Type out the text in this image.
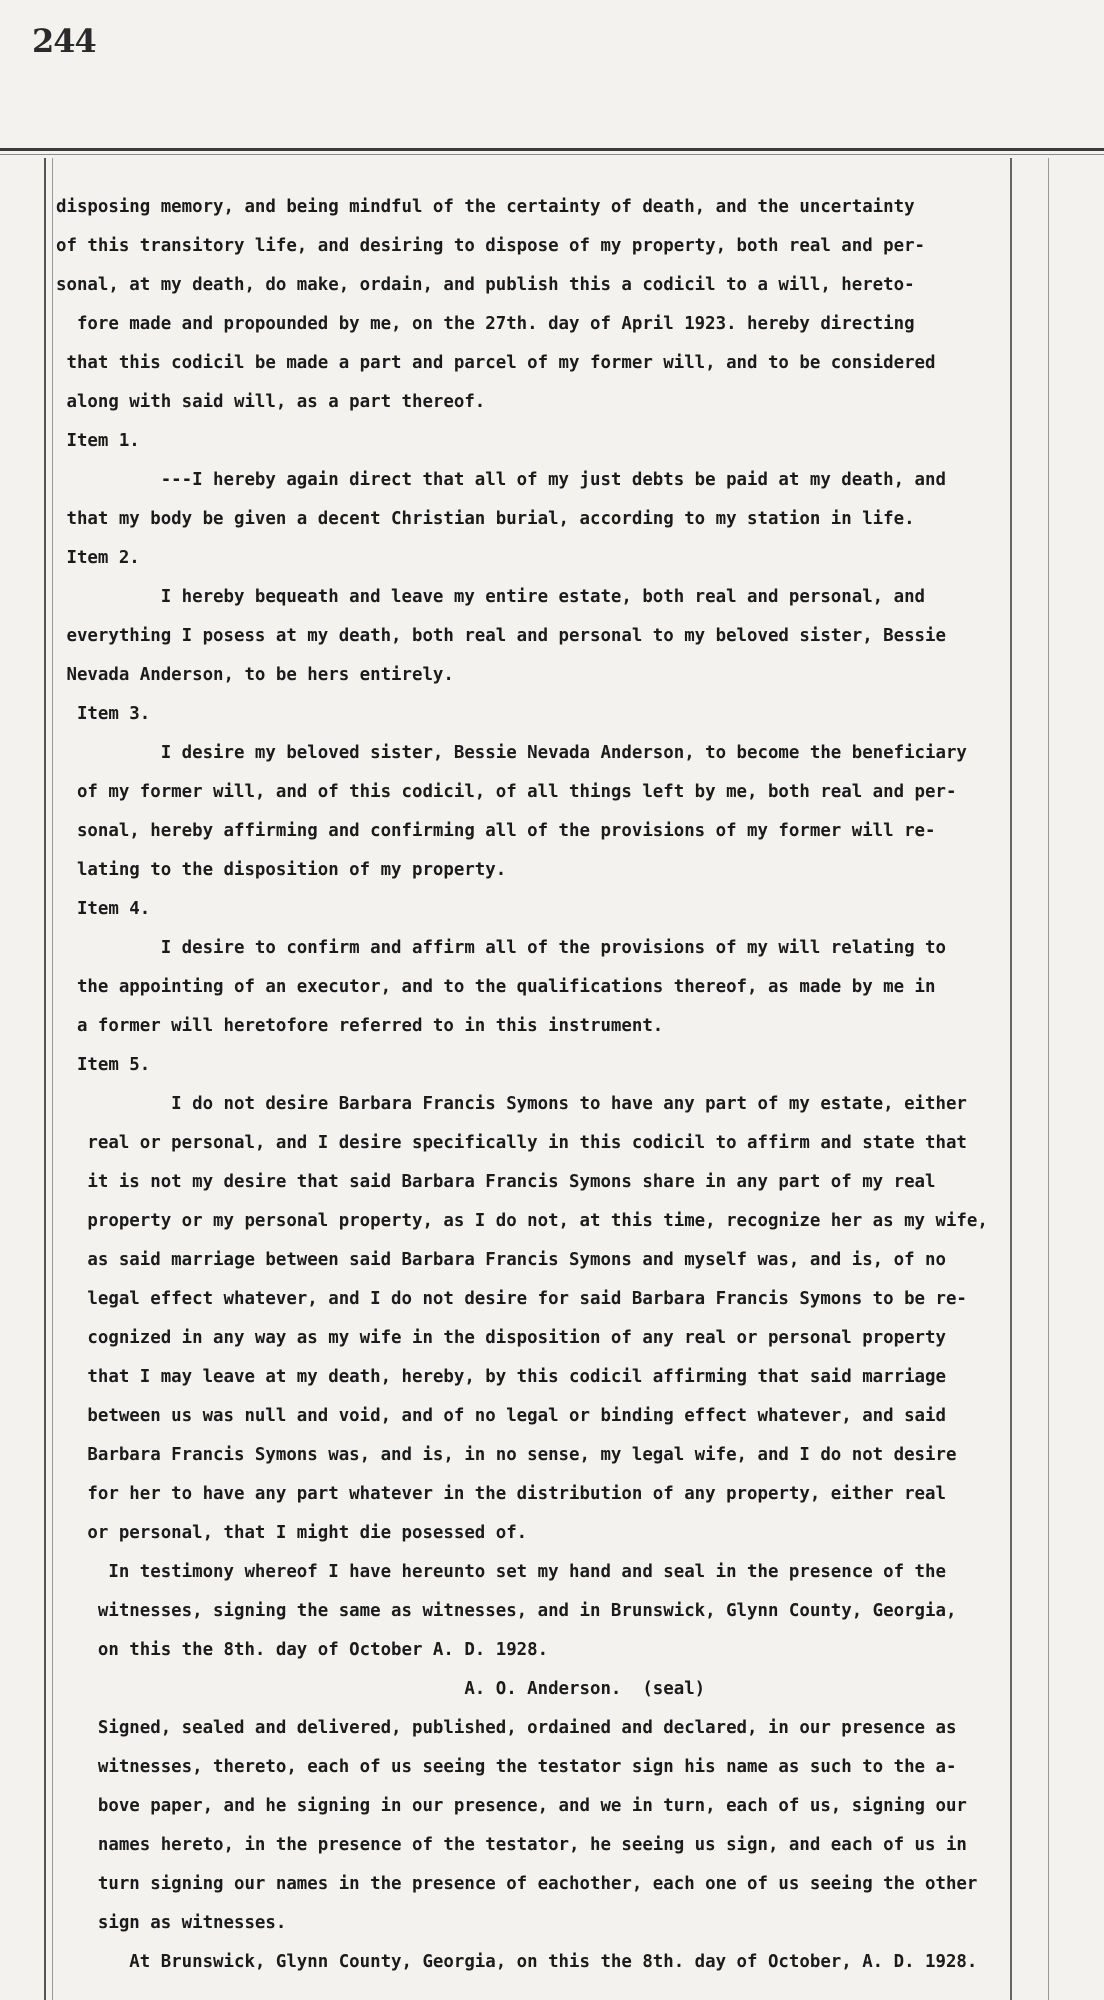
244
disposing memory, and being mindful of the certainty of death, and the uncertainty
of this transitory life, and desiring to dispose of my property, both real and per-
sonal, at my death, do make, ordain, and publish this a codicil to a will, hereto-
fore made and propounded by me, on the 27th. day of April 1923. hereby directing
that this codicil be made a part and parcel of my former will, and to be considered
along with said will, as a part thereof.
Item 1.
---I hereby again direct that all of my just debts be paid at my death, and
that my body be given a decent Christian burial, according to my station in life.
Item 2.
I hereby bequeath and leave my entire estate, both real and personal, and
everything I posess at my death, both real and personal to my beloved sister, Bessie
Nevada Anderson, to be hers entirely.
Item 3.
I desire my beloved sister, Bessie Nevada Anderson, to become the beneficiary
of my former will, and of this codicil, of all things left by me, both real and per-
sonal, hereby affirming and confirming all of the provisions of my former will re-
lating to the disposition of my property.
Item 4.
I desire to confirm and affirm all of the provisions of my will relating to
the appointing of an executor, and to the qualifications thereof, as made by me in
a former will heretofore referred to in this instrument.
Item 5.
I do not desire Barbara Francis Symons to have any part of my estate, either
real or personal, and I desire specifically in this codicil to affirm and state that
it is not my desire that said Barbara Francis Symons share in any part of my real
property or my personal property, as I do not, at this time, recognize her as my wife,
as said marriage between said Barbara Francis Symons and myself was, and is, of no
legal effect whatever, and I do not desire for said Barbara Francis Symons to be re-
cognized in any way as my wife in the disposition of any real or personal property
that I may leave at my death, hereby, by this codicil affirming that said marriage
between us was null and void, and of no legal or binding effect whatever, and said
Barbara Francis Symons was, and is, in no sense, my legal wife, and I do not desire
for her to have any part whatever in the distribution of any property, either real
or personal, that I might die posessed of.
In testimony whereof I have hereunto set my hand and seal in the presence of the
witnesses, signing the same as witnesses, and in Brunswick, Glynn County, Georgia,
on this the 8th. day of October A. D. 1928.
A. O. Anderson.  (seal)
Signed, sealed and delivered, published, ordained and declared, in our presence as
witnesses, thereto, each of us seeing the testator sign his name as such to the a-
bove paper, and he signing in our presence, and we in turn, each of us, signing our
names hereto, in the presence of the testator, he seeing us sign, and each of us in
turn signing our names in the presence of eachother, each one of us seeing the other
sign as witnesses.
At Brunswick, Glynn County, Georgia, on this the 8th. day of October, A. D. 1928.
